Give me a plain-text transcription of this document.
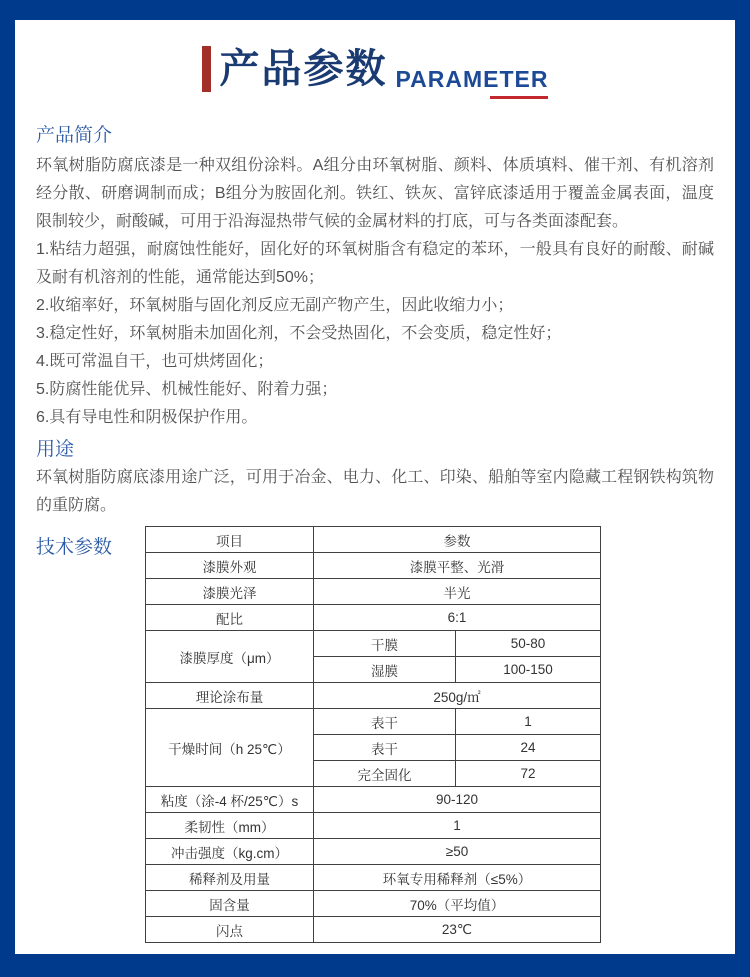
产品参数 PARAMETER
产品简介
环氧树脂防腐底漆是一种双组份涂料。A组分由环氧树脂、颜料、体质填料、催干剂、有机溶剂经分散、研磨调制而成；B组分为胺固化剂。铁红、铁灰、富锌底漆适用于覆盖金属表面，温度限制较少，耐酸碱，可用于沿海湿热带气候的金属材料的打底，可与各类面漆配套。
1.粘结力超强，耐腐蚀性能好，固化好的环氧树脂含有稳定的苯环，一般具有良好的耐酸、耐碱及耐有机溶剂的性能，通常能达到50%；
2.收缩率好，环氧树脂与固化剂反应无副产物产生，因此收缩力小；
3.稳定性好，环氧树脂未加固化剂，不会受热固化，不会变质，稳定性好；
4.既可常温自干，也可烘烤固化；
5.防腐性能优异、机械性能好、附着力强；
6.具有导电性和阴极保护作用。
用途
环氧树脂防腐底漆用途广泛，可用于冶金、电力、化工、印染、船舶等室内隐藏工程钢铁构筑物的重防腐。
技术参数	项目	参数	
漆膜外观	漆膜平整、光滑	
漆膜光泽	半光	
配比	6:1	
漆膜厚度（μm）	干膜	50-80
	湿膜	100-150
理论涂布量	250g/㎡	
干燥时间（h 25℃）	表干	1
	表干	24
	完全固化	72
粘度（涂-4 杯/25℃）s	90-120	
柔韧性（mm）	1	
冲击强度（kg.cm）	≥50	
稀释剂及用量	环氧专用稀释剂（≤5%）	
固含量	70%（平均值）	
闪点	23℃	
